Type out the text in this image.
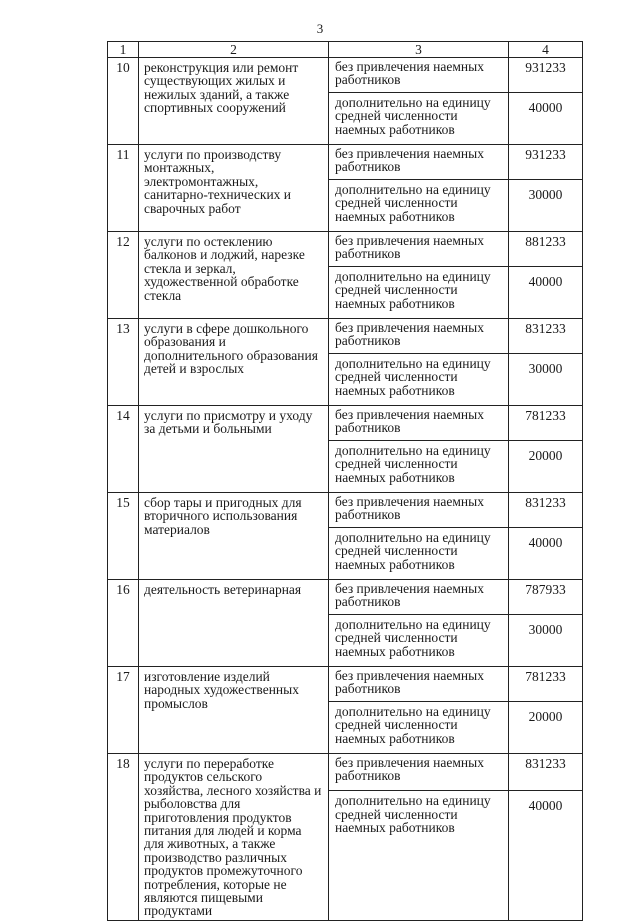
3
1	2	3	4
10	реконструкция или ремонт существующих жилых и нежилых зданий, а также спортивных сооружений	без привлечения наемных работников	931233
		дополнительно на единицу средней численности наемных работников	40000
11	услуги по производству монтажных, электромонтажных, санитарно-технических и сварочных работ	без привлечения наемных работников	931233
		дополнительно на единицу средней численности наемных работников	30000
12	услуги по остеклению балконов и лоджий, нарезке стекла и зеркал, художественной обработке стекла	без привлечения наемных работников	881233
		дополнительно на единицу средней численности наемных работников	40000
13	услуги в сфере дошкольного образования и дополнительного образования детей и взрослых	без привлечения наемных работников	831233
		дополнительно на единицу средней численности наемных работников	30000
14	услуги по присмотру и уходу за детьми и больными	без привлечения наемных работников	781233
		дополнительно на единицу средней численности наемных работников	20000
15	сбор тары и пригодных для вторичного использования материалов	без привлечения наемных работников	831233
		дополнительно на единицу средней численности наемных работников	40000
16	деятельность ветеринарная	без привлечения наемных работников	787933
		дополнительно на единицу средней численности наемных работников	30000
17	изготовление изделий народных художественных промыслов	без привлечения наемных работников	781233
		дополнительно на единицу средней численности наемных работников	20000
18	услуги по переработке продуктов сельского хозяйства, лесного хозяйства и рыболовства для приготовления продуктов питания для людей и корма для животных, а также производство различных продуктов промежуточного потребления, которые не являются пищевыми продуктами	без привлечения наемных работников	831233
		дополнительно на единицу средней численности наемных работников	40000
